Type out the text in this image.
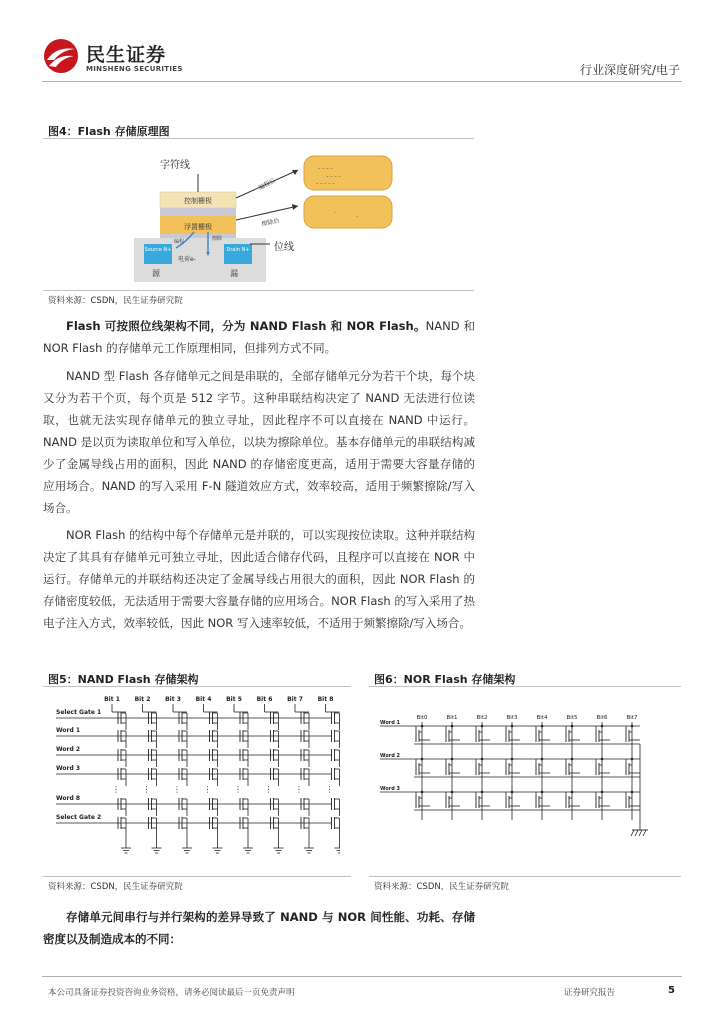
民生证券
MINSHENG SECURITIES	行业深度研究/电子
图4：Flash 存储原理图
Source N+	Drain N+
源	漏
电荷e-
控制栅极
浮置栅极
编程	擦除
字符线
位线
编程后
擦除后
– – – –
– – – –
– – – – –
–
–
资料来源：CSDN，民生证券研究院
Flash 可按照位线架构不同，分为 NAND Flash 和 NOR Flash。NAND 和 NOR Flash 的存储单元工作原理相同，但排列方式不同。
NAND 型 Flash 各存储单元之间是串联的，全部存储单元分为若干个块，每个块又分为若干个页，每个页是 512 字节。这种串联结构决定了 NAND 无法进行位读取，也就无法实现存储单元的独立寻址，因此程序不可以直接在 NAND 中运行。NAND 是以页为读取单位和写入单位，以块为擦除单位。基本存储单元的串联结构减少了金属导线占用的面积，因此 NAND 的存储密度更高，适用于需要大容量存储的应用场合。NAND 的写入采用 F-N 隧道效应方式，效率较高，适用于频繁擦除/写入场合。
NOR Flash 的结构中每个存储单元是并联的，可以实现按位读取。这种并联结构决定了其具有存储单元可独立寻址，因此适合储存代码，且程序可以直接在 NOR 中运行。存储单元的并联结构还决定了金属导线占用很大的面积，因此 NOR Flash 的存储密度较低，无法适用于需要大容量存储的应用场合。NOR Flash 的写入采用了热电子注入方式，效率较低，因此 NOR 写入速率较低，不适用于频繁擦除/写入场合。
图5：NAND Flash 存储架构
Bit 1 Bit 2 Bit 3 Bit 4 Bit 5 Bit 6 Bit 7 Bit 8
Select Gate 1
Word 1
Word 2
Word 3
Word 8
Select Gate 2
⋮	⋮	⋮	⋮	⋮	⋮	⋮	⋮
资料来源：CSDN，民生证券研究院
图6：NOR Flash 存储架构
Bit0	Bit1	Bit2	Bit3	Bit4	Bit5	Bit6	Bit7
Word 1
Word 2
Word 3
资料来源：CSDN，民生证券研究院
存储单元间串行与并行架构的差异导致了 NAND 与 NOR 间性能、功耗、存储密度以及制造成本的不同：
本公司具备证券投资咨询业务资格，请务必阅读最后一页免责声明	证券研究报告	5
